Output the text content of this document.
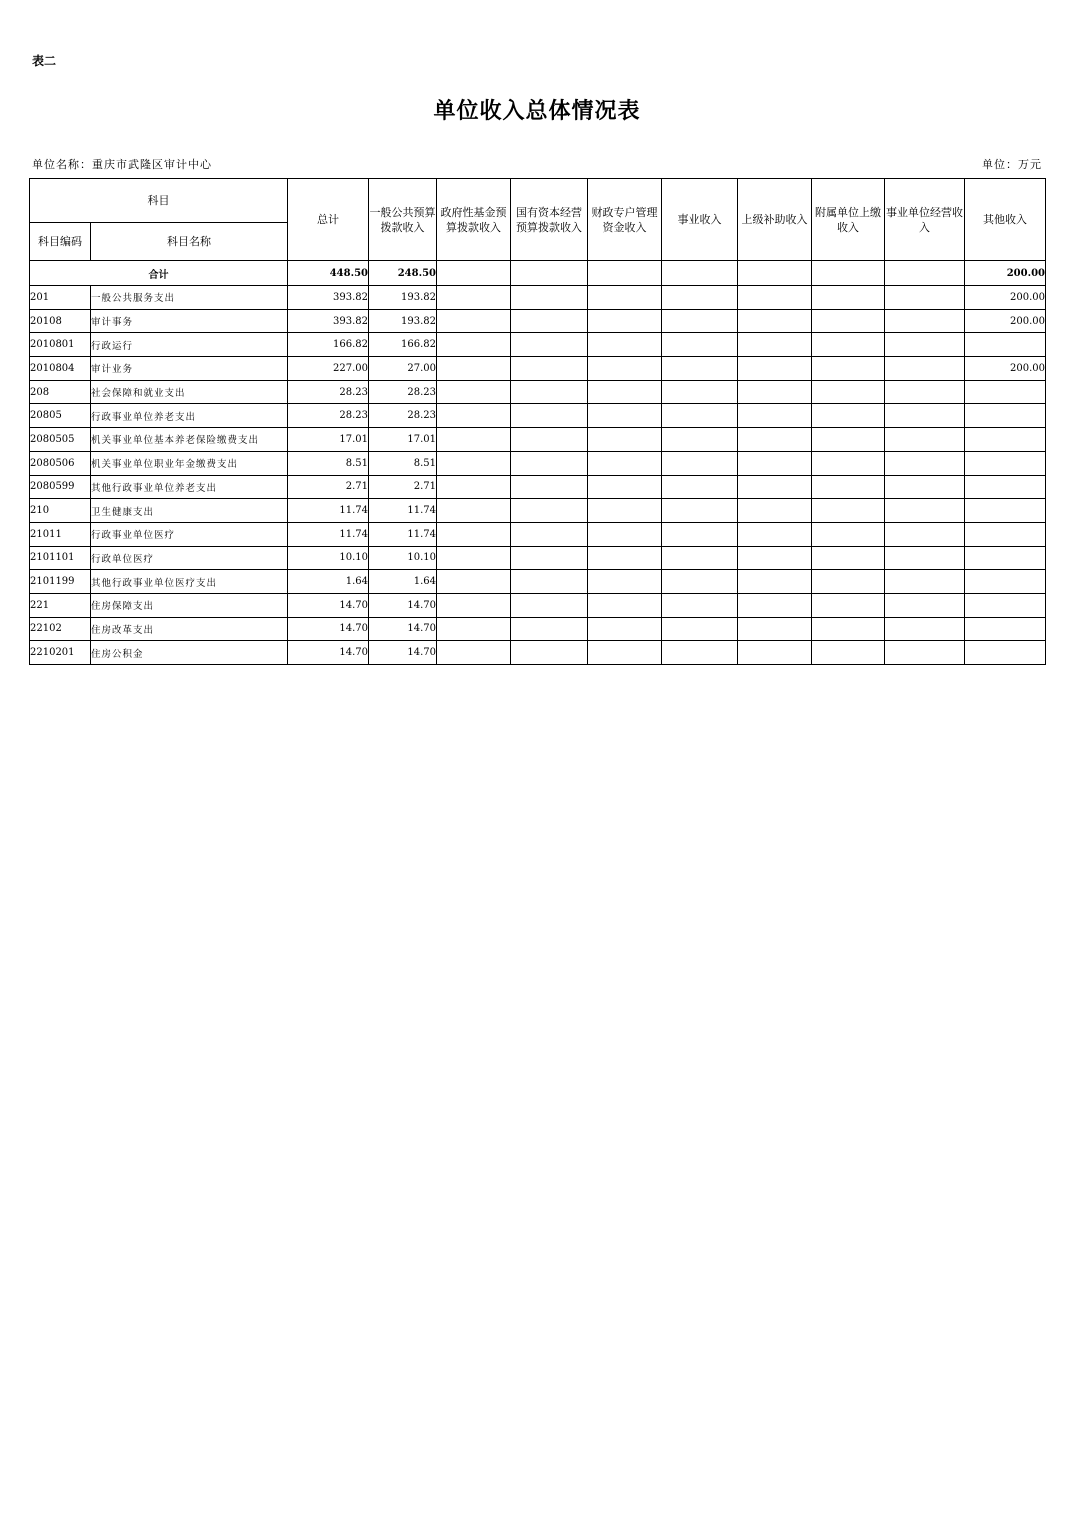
表二
单位收入总体情况表
单位名称：重庆市武隆区审计中心	单位：万元
科目		总计	一般公共预算拨款收入	政府性基金预算拨款收入	国有资本经营预算拨款收入	财政专户管理资金收入	事业收入	上级补助收入	附属单位上缴收入	事业单位经营收入	其他收入
科目编码	科目名称										
合计		448.50	248.50								200.00
201	一般公共服务支出	393.82	193.82								200.00
20108	审计事务	393.82	193.82								200.00
2010801	行政运行	166.82	166.82								
2010804	审计业务	227.00	27.00								200.00
208	社会保障和就业支出	28.23	28.23								
20805	行政事业单位养老支出	28.23	28.23								
2080505	机关事业单位基本养老保险缴费支出	17.01	17.01								
2080506	机关事业单位职业年金缴费支出	8.51	8.51								
2080599	其他行政事业单位养老支出	2.71	2.71								
210	卫生健康支出	11.74	11.74								
21011	行政事业单位医疗	11.74	11.74								
2101101	行政单位医疗	10.10	10.10								
2101199	其他行政事业单位医疗支出	1.64	1.64								
221	住房保障支出	14.70	14.70								
22102	住房改革支出	14.70	14.70								
2210201	住房公积金	14.70	14.70								
